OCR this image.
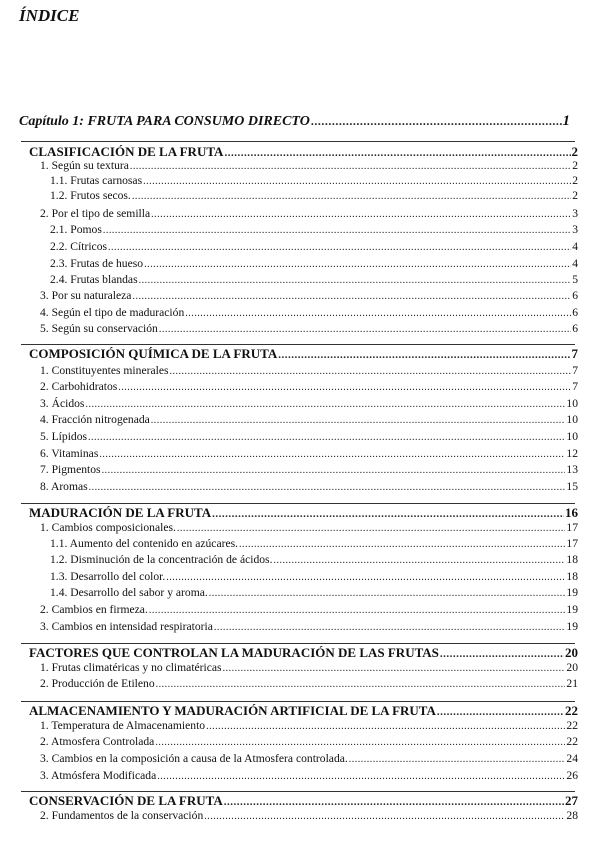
ÍNDICE
Capítulo 1: FRUTA PARA CONSUMO DIRECTO .....	1
CLASIFICACIÓN DE LA FRUTA .....	2
1. Según su textura .....	2
1.1. Frutas carnosas .....	2
1.2. Frutos secos. .....	2
2. Por el tipo de semilla .....	3
2.1. Pomos .....	3
2.2. Cítricos .....	4
2.3. Frutas de hueso .....	4
2.4. Frutas blandas .....	5
3. Por su naturaleza .....	6
4. Según el tipo de maduración .....	6
5. Según su conservación .....	6
COMPOSICIÓN QUÍMICA DE LA FRUTA .....	7
1. Constituyentes minerales .....	7
2. Carbohidratos .....	7
3. Ácidos .....	10
4. Fracción nitrogenada .....	10
5. Lípidos .....	10
6. Vitaminas .....	12
7. Pigmentos .....	13
8. Aromas .....	15
MADURACIÓN DE LA FRUTA .....	16
1. Cambios composicionales. .....	17
1.1. Aumento del contenido en azúcares. .....	17
1.2. Disminución de la concentración de ácidos. .....	18
1.3. Desarrollo del color. .....	18
1.4. Desarrollo del sabor y aroma. .....	19
2. Cambios en firmeza. .....	19
3. Cambios en intensidad respiratoria .....	19
FACTORES QUE CONTROLAN LA MADURACIÓN DE LAS FRUTAS .....	20
1. Frutas climatéricas y no climatéricas .....	20
2. Producción de Etileno .....	21
ALMACENAMIENTO Y MADURACIÓN ARTIFICIAL DE LA FRUTA .....	22
1. Temperatura de Almacenamiento .....	22
2. Atmosfera Controlada .....	22
3. Cambios en la composición a causa de la Atmosfera controlada. .....	24
3. Atmósfera Modificada .....	26
CONSERVACIÓN DE LA FRUTA .....	27
2. Fundamentos de la conservación .....	28
